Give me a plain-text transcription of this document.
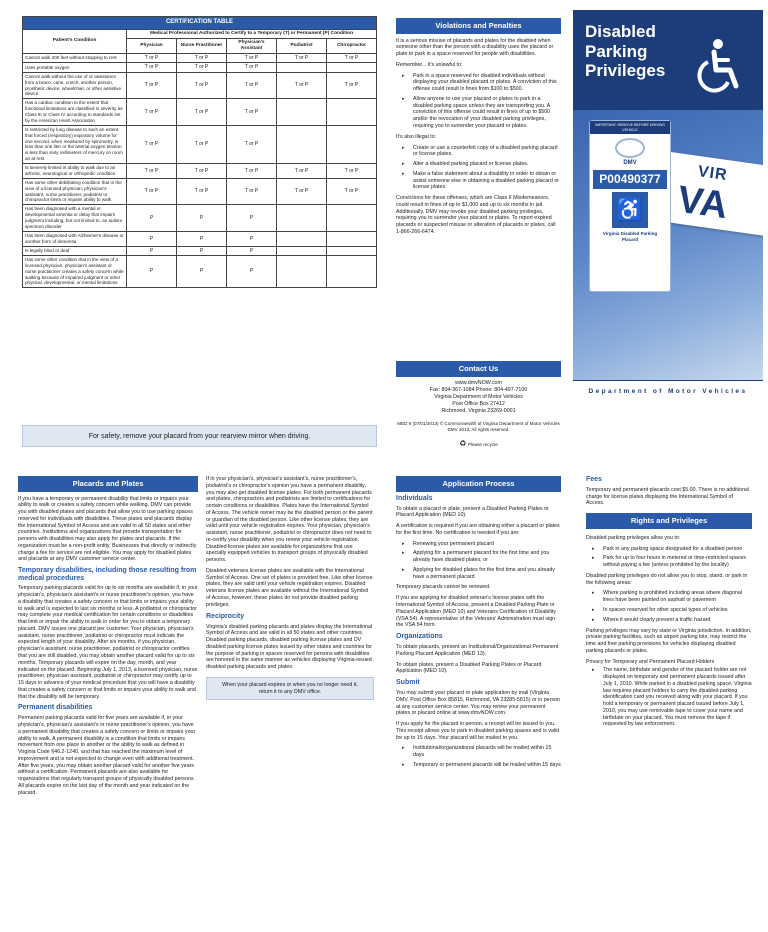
CERTIFICATION TABLE					
Patient's Condition	Medical Professional Authorized to Certify to a Temporary (T) or Permanent (P) Condition				
	Physician	Nurse Practitioner	Physician's Assistant	Podiatrist	Chiropractor
Cannot walk 200 feet without stopping to rest	T or P	T or P	T or P	T or P	T or P
Uses portable oxygen	T or P	T or P	T or P		
Cannot walk without the use of or assistance from a brace, cane, crutch, another person, prosthetic device, wheelchair, or other assistive device	T or P	T or P	T or P	T or P	T or P
Has a cardiac condition to the extent that functional limitations are classified in severity as Class III or Class IV according to standards set by the American Heart Association	T or P	T or P	T or P		
Is restricted by lung disease to such an extent that forced (respiratory) expiratory volume for one second, when measured by spirometry, is less than one liter or the arterial oxygen tension is less than sixty millimeters of mercury on room air at rest	T or P	T or P	T or P		
Is severely limited in ability to walk due to an arthritic, neurological or orthopedic condition	T or P	T or P	T or P	T or P	T or P
Has some other debilitating condition that in the view of a licensed physician, physician's assistant, nurse practitioner, podiatrist or chiropractor limits or impairs ability to walk	T or P	T or P	T or P	T or P	T or P
Has been diagnosed with a mental or developmental amentia or delay that impairs judgment including, but not limited to, an autism spectrum disorder	P	P	P		
Has been diagnosed with Alzheimer's disease or another form of dementia	P	P	P		
Is legally blind or deaf	P	P	P		
Has some other condition that in the view of a licensed physician, physician's assistant or nurse practitioner creates a safety concern while walking because of impaired judgment or other physical, developmental, or mental limitations	P	P	P		
For safety, remove your placard from your rearview mirror when driving.
Violations and Penalties

It is a serious misuse of placards and plates for the disabled when someone other than the person with a disability uses the placard or plate to park in a space reserved for people with disabilities.

Remember... it's unlawful to:

▸ Park in a space reserved for disabled individuals without displaying your disabled placard or plates. A conviction of this offense could result in fines from $100 to $500.
▸ Allow anyone to use your placard or plates to park in a disabled parking space unless they are transporting you. A conviction of this offense could result in fines of up to $500 and/or the revocation of your disabled parking privileges, requiring you to surrender your placard or plates.

It's also illegal to:

▸ Create or use a counterfeit copy of a disabled parking placard or license plates.
▸ Alter a disabled parking placard or license plates.
▸ Make a false statement about a disability in order to obtain or assist someone else in obtaining a disabled parking placard or license plates.

Convictions for these offenses, which are Class II Misdemeanors, could result in fines of up to $1,000 and up to six months in jail. Additionally, DMV may revoke your disabled parking privileges, requiring you to surrender your placard or plates. To report expired placards or suspected misuse or alteration of placards or plates, call 1-866-266-6474.

Contact Us
www.dmvNOW.com
Fax: 804-367-1084 Phone: 804-497-7100
Virginia Department of Motor Vehicles
Post Office Box 27412
Richmond, Virginia 23269-0001
MED 9 (07/01/2013) © Commonwealth of Virginia Department of Motor Vehicles DMV 2013. All rights reserved.
♻ Please recycle
Disabled
Parking
Privileges
VIR
VA
IMPORTANT: REMOVE BEFORE DRIVING VEHICLE
DMV
P00490377
♿
Virginia Disabled Parking Placard
Department of Motor Vehicles
Placards and Plates

If you have a temporary or permanent disability that limits or impairs your ability to walk or creates a safety concern while walking, DMV can provide you with disabled plates and placards that allow you to use parking spaces reserved for individuals with disabilities. These plates and placards display the International Symbol of Access and are valid in all 50 states and other countries. Institutions and organizations that provide transportation for persons with disabilities may also apply for plates and placards. If the organization must be a non-profit entity. Businesses that directly or indirectly charge a fee for service are not eligible. You may apply for disabled plates and placards at any DMV customer service center.

Temporary disabilities, including those resulting from medical procedures

Temporary parking placards valid for up to six months are available if, in your physician's, physician's assistant's or nurse practitioner's opinion, you have a disability that creates a safety concern or that limits or impairs your ability to walk and is expected to last six months or less. A podiatrist or chiropractor may complete your medical certification for certain conditions or disabilities that limit or impair the ability to walk in order for you to obtain a temporary placard. DMV issues one placard per customer. Your physician, physician's assistant, nurse practitioner, podiatrist or chiropractor must indicate the expected length of your disability. After six months, if you physician, physician's assistant, nurse practitioner, podiatrist or chiropractor certifies that you are still disabled, you may obtain another placard valid for up to six months. Temporary placards will expire on the day, month, and year indicated on the placard. Beginning July 1, 2013, a licensed physician, nurse practitioner, physician assistant, podiatrist or chiropractor may certify up to 15 days in advance of your medical procedure that you will have a disability that creates a safety concern or that limits or impairs your ability to walk and that the disability will be temporary.

Permanent disabilities

Permanent parking placards valid for five years are available if, in your physician's, physician's assistant's or nurse practitioner's opinion, you have a permanent disability that creates a safety concern or limits or impairs your ability to walk. A permanent disability is a condition that limits or impairs movement from one place to another or the ability to walk as defined in Virginia Code §46.2-1240, and that has reached the maximum level of improvement and is not expected to change even with additional treatment. After five years, you may obtain another placard valid for another five years without a certification. Permanent placards are also available for organizations that regularly transport groups of physically disabled persons. All placards expire on the last day of the month and year indicated on the placard.

If in your physician's, physician's assistant's, nurse practitioner's, podiatrist's or chiropractor's opinion you have a permanent disability, you may also get disabled license plates. For both permanent placards and plates, chiropractors and podiatrists are limited to certifications for certain conditions or disabilities. Plates have the International Symbol of Access. The vehicle owner may be the disabled person or the parent or guardian of the disabled person. Like other license plates, they are valid until your vehicle registration expires. Your physician, physician's assistant, nurse practitioner, podiatrist or chiropractor does not need to re-certify your disability when you renew your vehicle registration. Disabled license plates are available for organizations that use specially equipped vehicles to transport groups of physically disabled persons.

Disabled veterans license plates are available with the International Symbol of Access. One set of plates is provided free. Like other license plates, they are valid until your vehicle registration expires. Disabled veterans license plates are available without the International Symbol of Access, however, these plates do not provide disabled parking privileges.

Reciprocity

Virginia's disabled parking placards and plates display the International Symbol of Access and are valid in all 50 states and other countries. Disabled parking placards, disabled parking license plates and DV disabled parking license plates issued by other states and countries for the purpose of parking in spaces reserved for persons with disabilities are honored in the same manner as vehicles displaying Virginia-issued disabled parking placards and plates.

When your placard expires or when you no longer need it, return it to any DMV office.
Application Process
Individuals

To obtain a placard or plate, present a Disabled Parking Plates or Placard Application (MED 10).

A certification is required if you are obtaining either a placard or plates for the first time. No certification is needed if you are:

▸ Renewing your permanent placard
▸ Applying for a permanent placard for the first time and you already have disabled plates, or
▸ Applying for disabled plates for the first time and you already have a permanent placard

Temporary placards cannot be renewed.

If you are applying for disabled veteran's license plates with the International Symbol of Access, present a Disabled Parking Plate or Placard Application (MED 10) and Veterans Certification of Disability (VSA 54). A representative of the Veterans' Administration must sign the VSA 54 form.

Organizations

To obtain placards, present an Institutional/Organizational Permanent Parking Placard Application (MED 13).

To obtain plates, present a Disabled Parking Plates or Placard Application (MED 10).

Submit

You may submit your placard or plate application by mail (Virginia DMV, Post Office Box 85815, Richmond, VA 23285-5815) or in person at any customer service center. You may renew your permanent plates or placard online at www.dmvNOW.com.

If you apply for the placard in person, a receipt will be issued to you. This receipt allows you to park in disabled parking spaces and is valid for up to 15 days. Your placard will be mailed to you.

▸ Institutional/organizational placards will be mailed within 15 days
▸ Temporary or permanent placards will be mailed within 15 days
Fees

Temporary and permanent placards cost $5.00. There is no additional charge for license plates displaying the International Symbol of Access.

Rights and Privileges

Disabled parking privileges allow you to:

▸ Park in any parking space designated for a disabled person
▸ Park for up to four hours in metered or time-restricted spaces without paying a fee (unless prohibited by the locality)

Disabled parking privileges do not allow you to stop, stand, or park in the following areas:

▸ Where parking is prohibited including areas where diagonal lines have been painted on asphalt or pavement
▸ In spaces reserved for other special types of vehicles
▸ Where it would clearly present a traffic hazard

Parking privileges may vary by state or Virginia jurisdiction. In addition, private parking facilities, such as airport parking lots, may restrict the time and free parking provisions for vehicles displaying disabled parking placards or plates.

Privacy for Temporary and Permanent Placard Holders

▸ The name, birthdate and gender of the placard holder are not displayed on temporary and permanent placards issued after July 1, 2010. While parked in a disabled parking space, Virginia law requires placard holders to carry the disabled parking identification card you received along with your placard. If you hold a temporary or permanent placard issued before July 1, 2010, you may use removable tape to cover your name and birthdate on your placard. You must remove the tape if requested by law enforcement.
